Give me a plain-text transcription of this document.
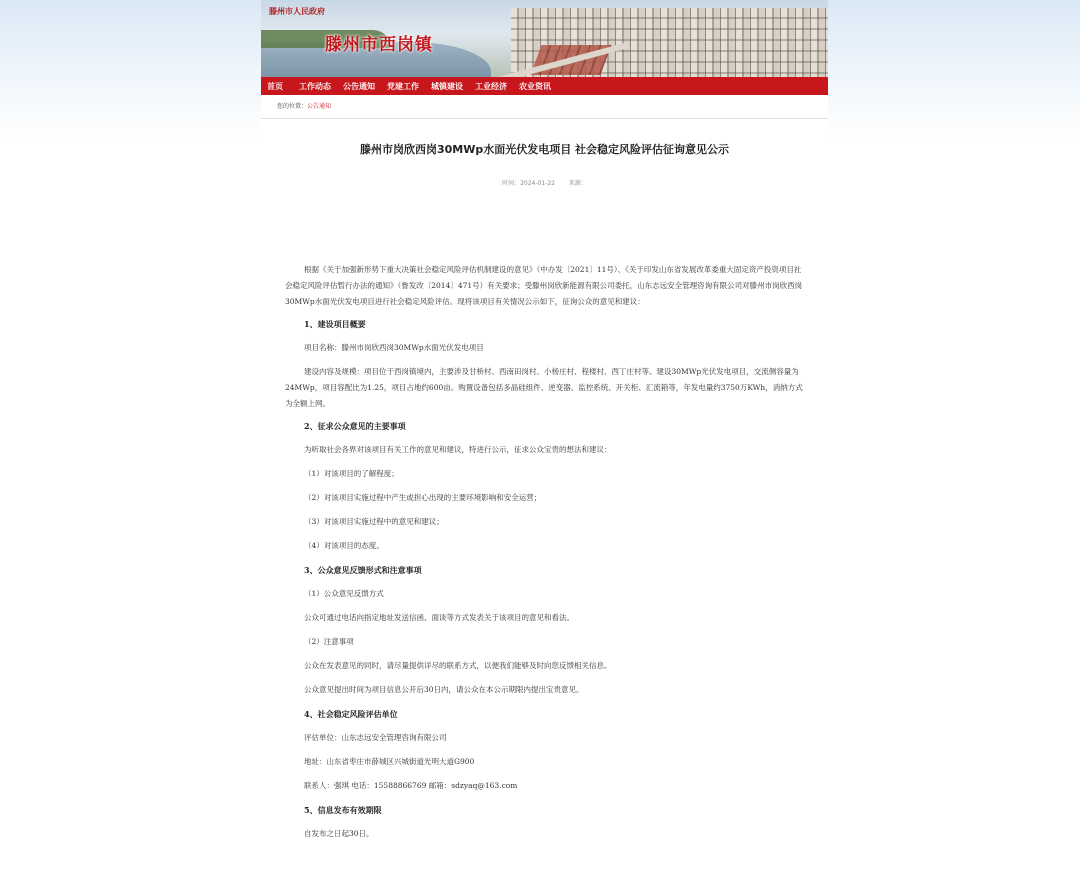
滕州市人民政府
滕州市西岗镇
首页 工作动态 公告通知 党建工作 城镇建设 工业经济 农业资讯
您的位置：公告通知
滕州市岗欣西岗30MWp水面光伏发电项目 社会稳定风险评估征询意见公示
时间：2024-01-22 来源：

根据《关于加强新形势下重大决策社会稳定风险评估机制建设的意见》（中办发〔2021〕11号）、《关于印发山东省发展改革委重大固定资产投资项目社会稳定风险评估暂行办法的通知》（鲁发改〔2014〕471号）有关要求；受滕州岗欣新能源有限公司委托，山东志远安全管理咨询有限公司对滕州市岗欣西岗30MWp水面光伏发电项目进行社会稳定风险评估。现将该项目有关情况公示如下，征询公众的意见和建议：

1、建设项目概要

项目名称：滕州市岗欣西岗30MWp水面光伏发电项目

建设内容及规模：项目位于西岗镇境内，主要涉及甘桥村、西南田岗村、小杨庄村、程楼村、西丁庄村等。建设30MWp光伏发电项目，交流侧容量为24MWp，项目容配比为1.25，项目占地约600亩。购置设备包括多晶硅组件、逆变器、监控系统、开关柜、汇流箱等，年发电量约3750万KWh，消纳方式为全额上网。

2、征求公众意见的主要事项

为听取社会各界对该项目有关工作的意见和建议，特进行公示，征求公众宝贵的想法和建议：

（1）对该项目的了解程度；

（2）对该项目实施过程中产生或担心出现的主要环境影响和安全运营；

（3）对该项目实施过程中的意见和建议；

（4）对该项目的态度。

3、公众意见反馈形式和注意事项

（1）公众意见反馈方式

公众可通过电话向指定地址发送信函、面谈等方式发表关于该项目的意见和看法。

（2）注意事项

公众在发表意见的同时，请尽量提供详尽的联系方式，以便我们能够及时向您反馈相关信息。

公众意见提出时间为项目信息公开后30日内，请公众在本公示期限内提出宝贵意见。

4、社会稳定风险评估单位

评估单位：山东志远安全管理咨询有限公司

地址：山东省枣庄市薛城区兴城街道光明大道G900

联系人：强琪 电话：15588866769 邮箱：sdzyaq@163.com

5、信息发布有效期限

自发布之日起30日。
